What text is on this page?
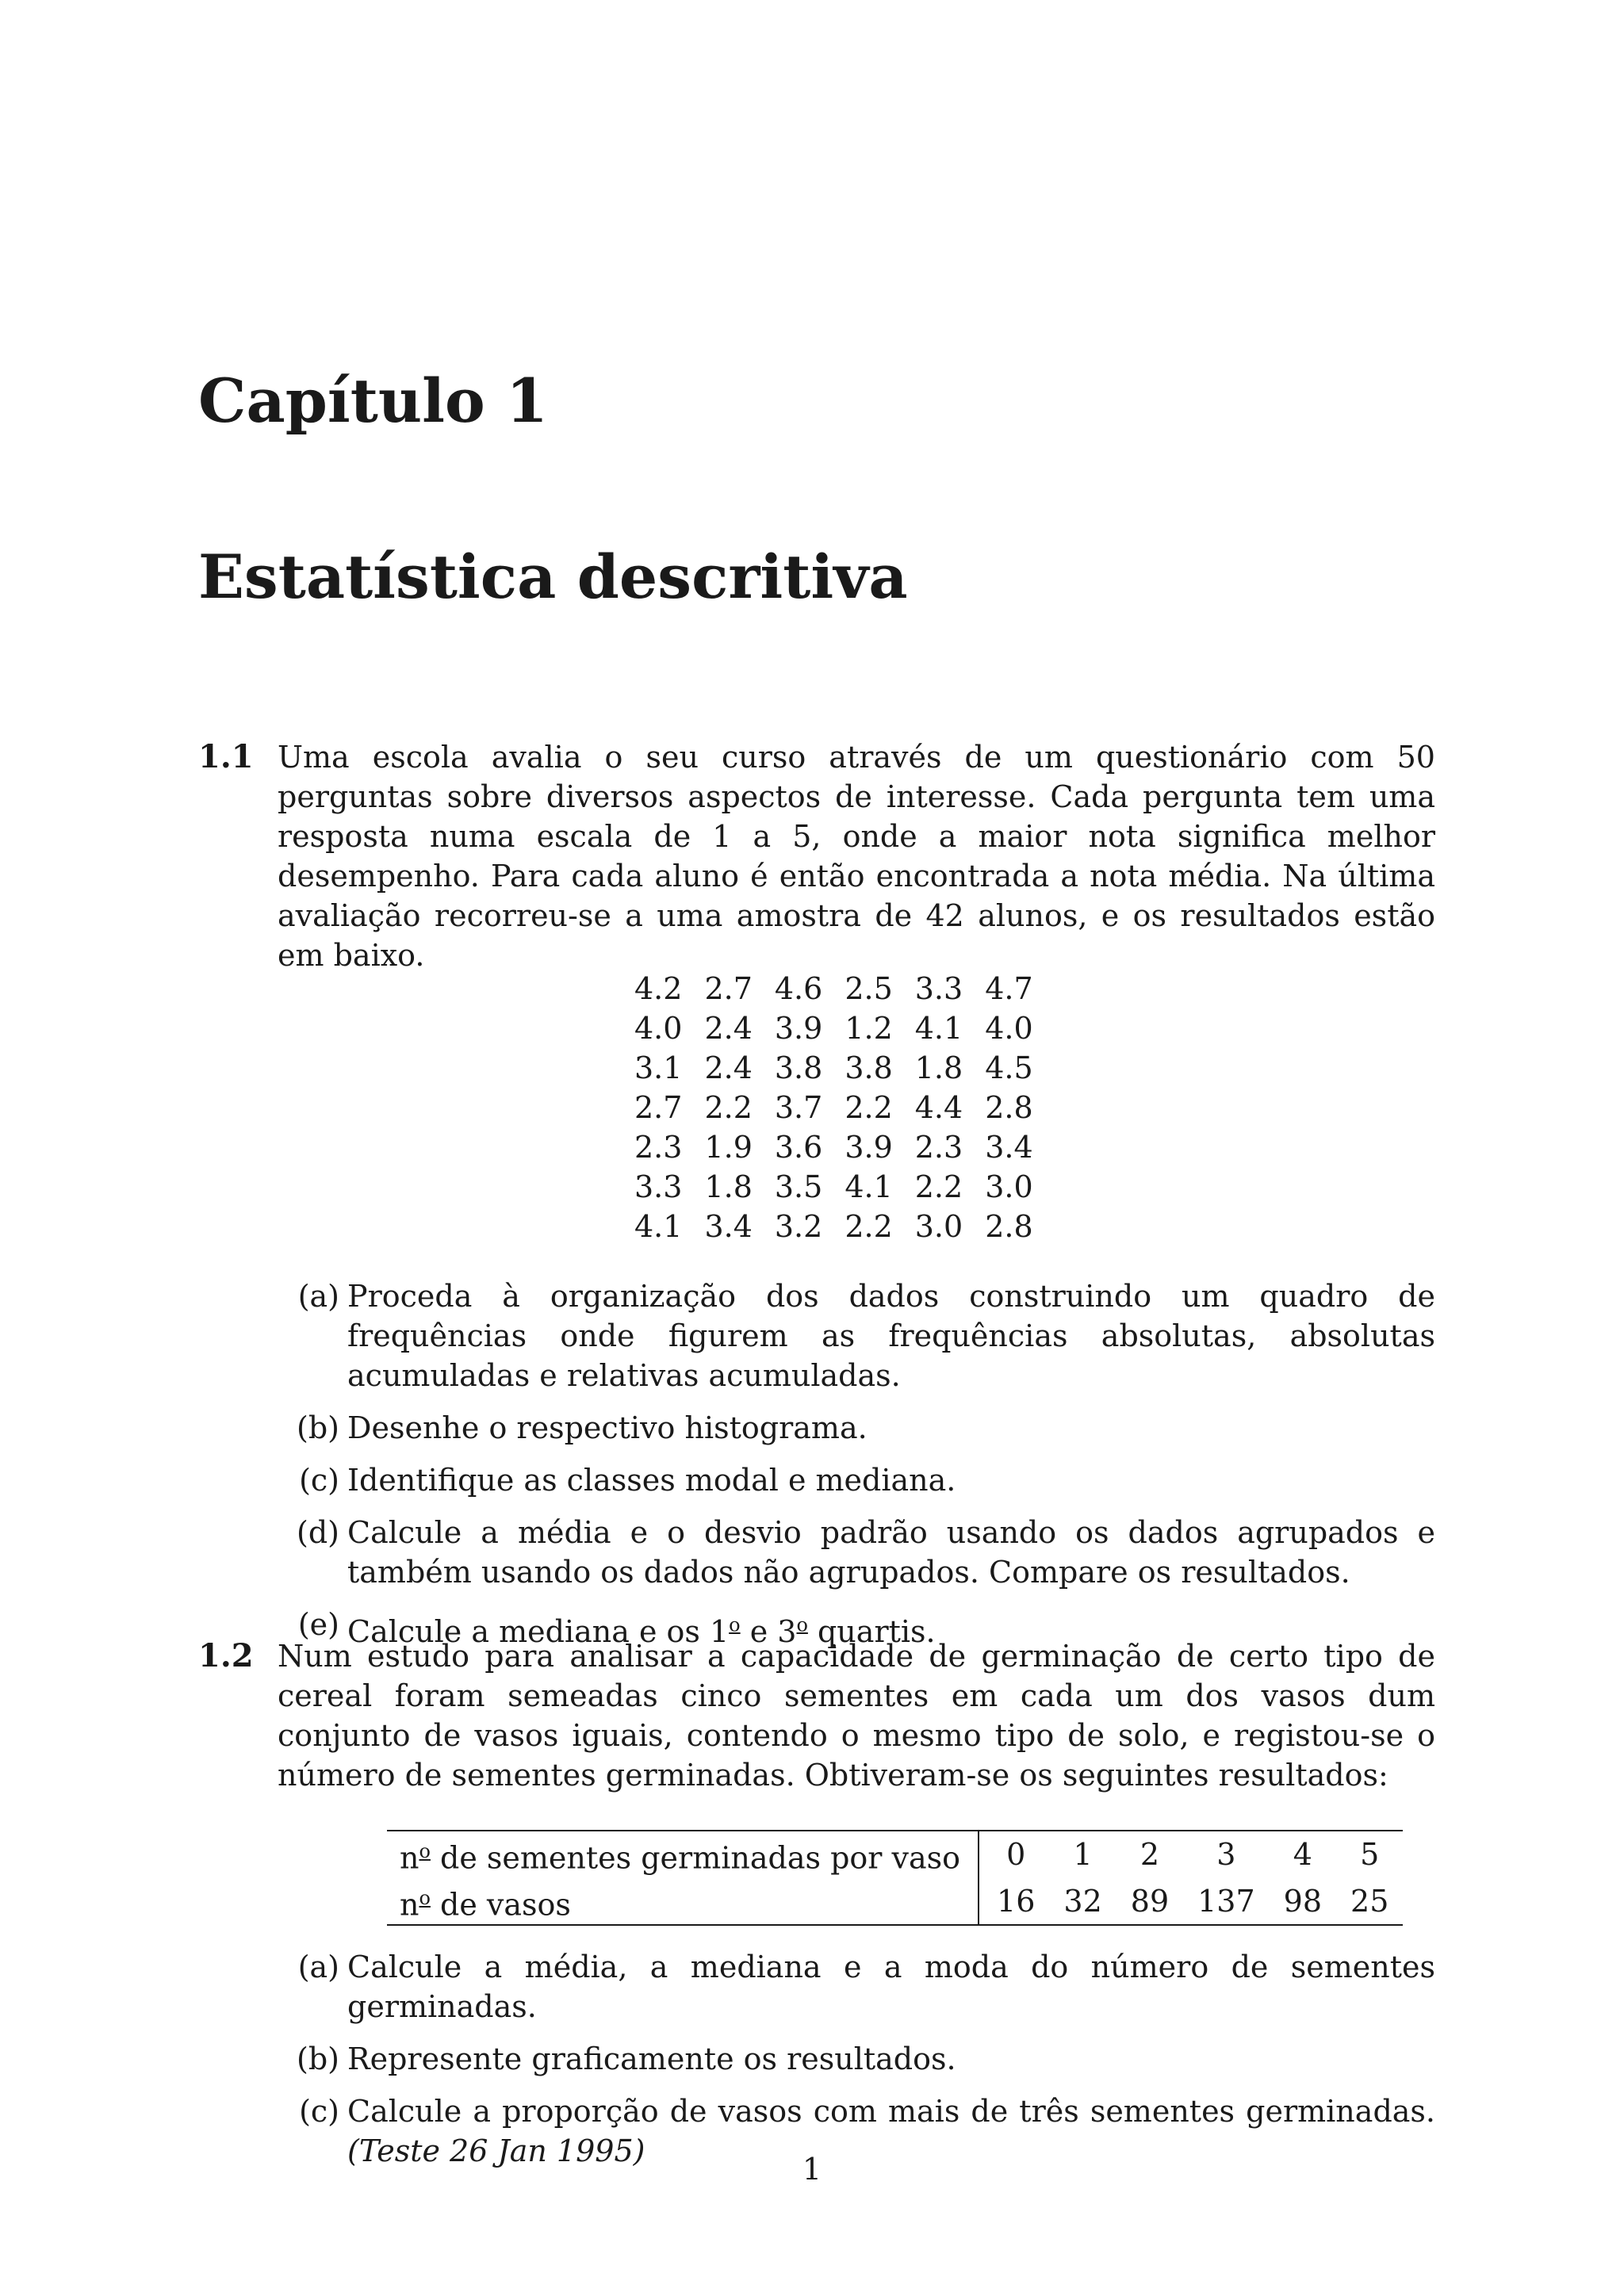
Capítulo 1
Estatística descritiva
1.1 Uma escola avalia o seu curso através de um questionário com 50 perguntas sobre diversos aspectos de interesse. Cada pergunta tem uma resposta numa escala de 1 a 5, onde a maior nota significa melhor desempenho. Para cada aluno é então encontrada a nota média. Na última avaliação recorreu-se a uma amostra de 42 alunos, e os resultados estão em baixo.
4.2	2.7	4.6	2.5	3.3	4.7
4.0	2.4	3.9	1.2	4.1	4.0
3.1	2.4	3.8	3.8	1.8	4.5
2.7	2.2	3.7	2.2	4.4	2.8
2.3	1.9	3.6	3.9	2.3	3.4
3.3	1.8	3.5	4.1	2.2	3.0
4.1	3.4	3.2	2.2	3.0	2.8
(a) Proceda à organização dos dados construindo um quadro de frequências onde figurem as frequências absolutas, absolutas acumuladas e relativas acumuladas.
(b) Desenhe o respectivo histograma.
(c) Identifique as classes modal e mediana.
(d) Calcule a média e o desvio padrão usando os dados agrupados e também usando os dados não agrupados. Compare os resultados.
(e) Calcule a mediana e os 1$^o$ e 3$^o$ quartis.
1.2 Num estudo para analisar a capacidade de germinação de certo tipo de cereal foram semeadas cinco sementes em cada um dos vasos dum conjunto de vasos iguais, contendo o mesmo tipo de solo, e registou-se o número de sementes germinadas. Obtiveram-se os seguintes resultados:
$n^o$ de sementes germinadas por vaso	0	1	2	3	4	5
$n^o$ de vasos	16	32	89	137	98	25
(a) Calcule a média, a mediana e a moda do número de sementes germinadas.
(b) Represente graficamente os resultados.
(c) Calcule a proporção de vasos com mais de três sementes germinadas. (Teste 26 Jan 1995)
1
